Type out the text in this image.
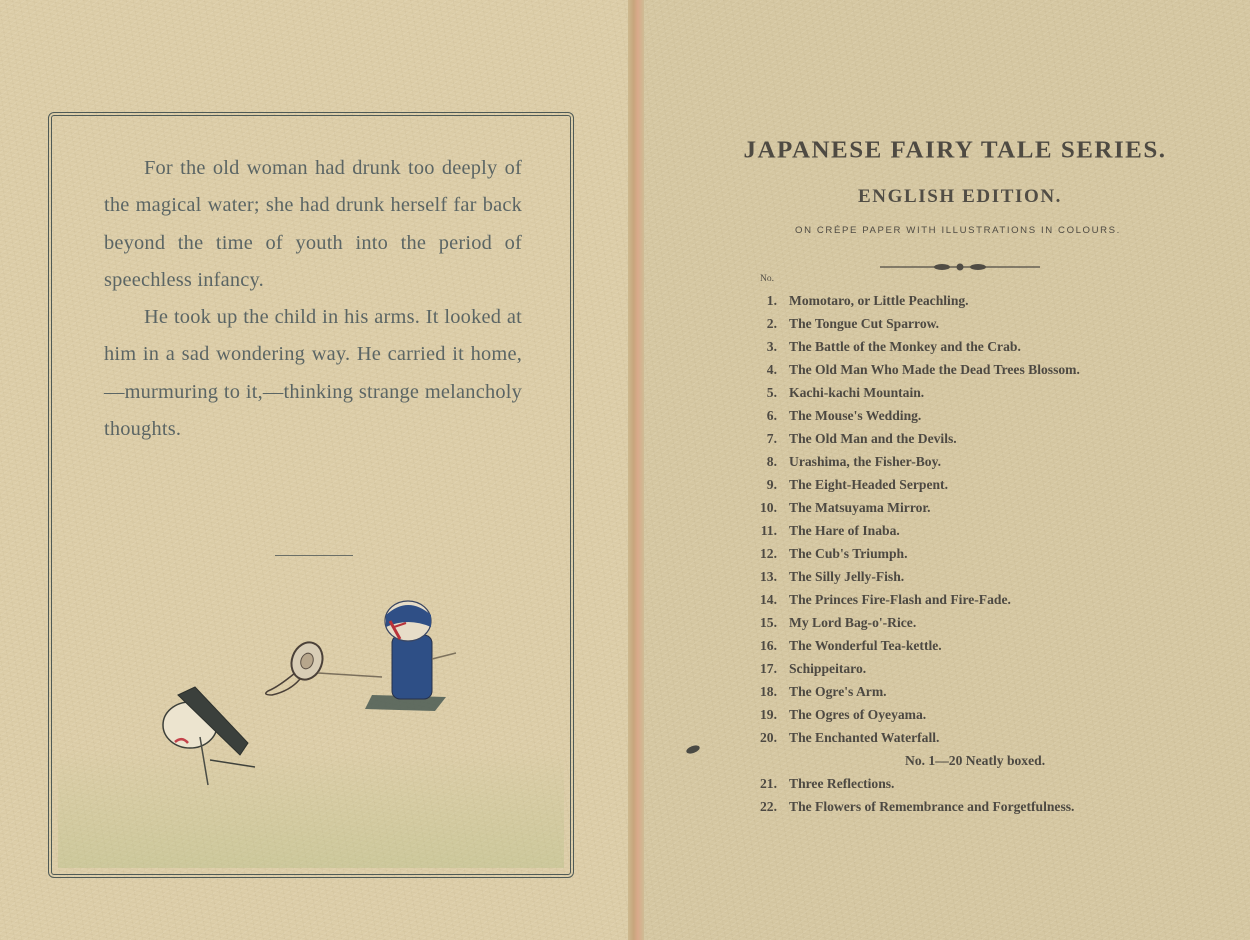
For the old woman had drunk too deeply of the magical water; she had drunk herself far back beyond the time of youth into the period of speechless infancy.

He took up the child in his arms. It looked at him in a sad wondering way. He carried it home,—murmuring to it,—thinking strange melancholy thoughts.

JAPANESE FAIRY TALE SERIES.
ENGLISH EDITION.
ON CRÉPE PAPER WITH ILLUSTRATIONS IN COLOURS.
No.
1. Momotaro, or Little Peachling.
2. The Tongue Cut Sparrow.
3. The Battle of the Monkey and the Crab.
4. The Old Man Who Made the Dead Trees Blossom.
5. Kachi-kachi Mountain.
6. The Mouse's Wedding.
7. The Old Man and the Devils.
8. Urashima, the Fisher-Boy.
9. The Eight-Headed Serpent.
10. The Matsuyama Mirror.
11. The Hare of Inaba.
12. The Cub's Triumph.
13. The Silly Jelly-Fish.
14. The Princes Fire-Flash and Fire-Fade.
15. My Lord Bag-o'-Rice.
16. The Wonderful Tea-kettle.
17. Schippeitaro.
18. The Ogre's Arm.
19. The Ogres of Oyeyama.
20. The Enchanted Waterfall.
No. 1—20 Neatly boxed.
21. Three Reflections.
22. The Flowers of Remembrance and Forgetfulness.
